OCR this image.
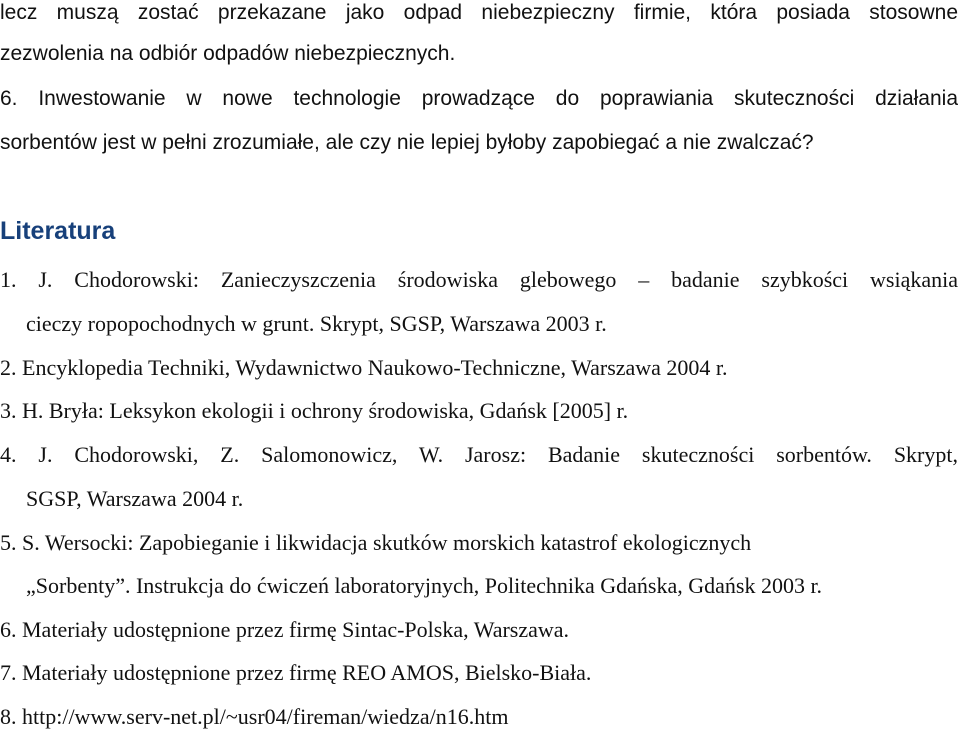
lecz muszą zostać przekazane jako odpad niebezpieczny firmie, która posiada stosowne
zezwolenia na odbiór odpadów niebezpiecznych.
6. Inwestowanie w nowe technologie prowadzące do poprawiania skuteczności działania
sorbentów jest w pełni zrozumiałe, ale czy nie lepiej byłoby zapobiegać a nie zwalczać?
Literatura
1. J. Chodorowski: Zanieczyszczenia środowiska glebowego – badanie szybkości wsiąkania
cieczy ropopochodnych w grunt. Skrypt, SGSP, Warszawa 2003 r.
2. Encyklopedia Techniki, Wydawnictwo Naukowo-Techniczne, Warszawa 2004 r.
3. H. Bryła: Leksykon ekologii i ochrony środowiska, Gdańsk [2005] r.
4. J. Chodorowski, Z. Salomonowicz, W. Jarosz: Badanie skuteczności sorbentów. Skrypt,
SGSP, Warszawa 2004 r.
5. S. Wersocki: Zapobieganie i likwidacja skutków morskich katastrof ekologicznych
„Sorbenty”. Instrukcja do ćwiczeń laboratoryjnych, Politechnika Gdańska, Gdańsk 2003 r.
6. Materiały udostępnione przez firmę Sintac-Polska, Warszawa.
7. Materiały udostępnione przez firmę REO AMOS, Bielsko-Biała.
8. http://www.serv-net.pl/~usr04/fireman/wiedza/n16.htm
